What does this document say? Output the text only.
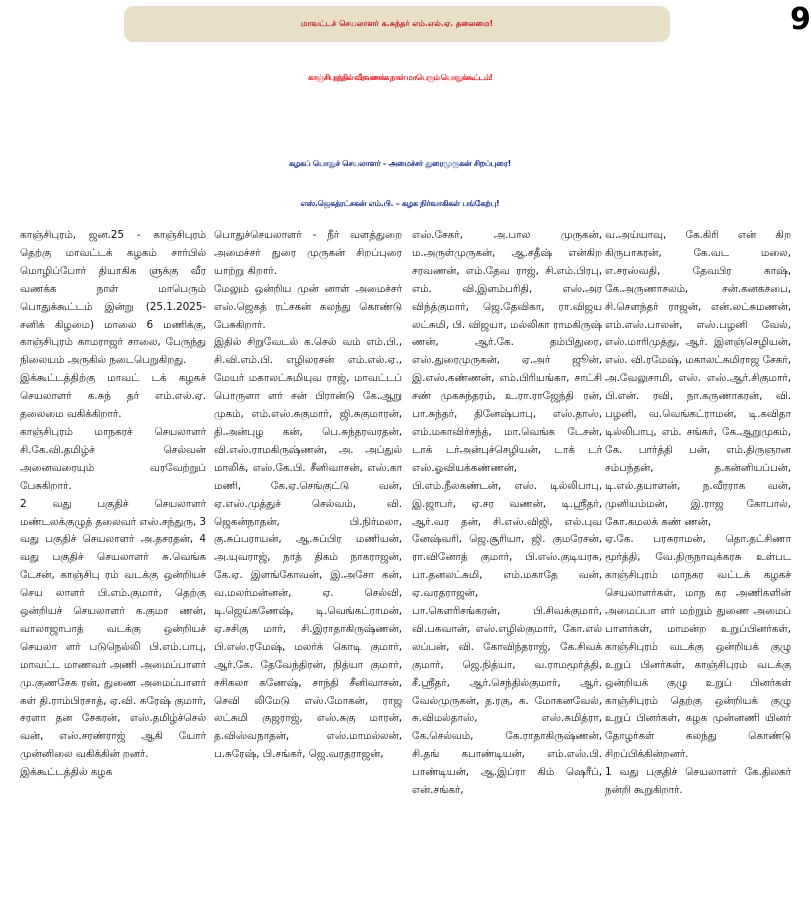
மாவட்டச் செயலாளர் க.சுந்தர் எம்.எல்.ஏ. தலைமை!	9
காஞ்சிபுரத்தில் வீரவணக்க நாள் மாபெரும் பொதுக்கூட்டம்!
கழகப் பொதுச் செயலாளர் - அமைச்சர் துரைமுருகன் சிறப்புரை!
எஸ்.ஜெகத்ரட்சகன் எம்.பி. – கழக நிர்வாகிகள் பங்கேற்பு!
காஞ்சிபுரம், ஜன.25 - காஞ்சிபுரம் தெற்கு மாவட்டக் கழகம் சார்பில் மொழிப்போர் தியாகிக ளுக்கு வீர வணக்க நாள் மாபெரும் பொதுக்கூட்டம் இன்று (25.1.2025-சனிக் கிழமை) மாலை 6 மணிக்கு, காஞ்சிபுரம் காமராஜர் சாலை, பேருந்து நிலையம் அருகில் நடைபெறுகிறது.
இக்கூட்டத்திற்கு மாவட் டக் கழகச் செயலாளர் க.சுந் தர் எம்.எல்.ஏ. தலைமை வகிக்கிறார்.
காஞ்சிபுரம் மாநகரச் செயலாளர் சி.கே.வி.தமிழ்ச் செல்வன் அனைவரையும் வரவேற்றுப் பேசுகிறார்.
2 வது பகுதிச் செயலாளர் மண்டலக்குழுத் தலைவர் எஸ்.சந்துரு, 3 வது பகுதிச் செயலாளர் அ.தசரதன், 4 வது பகுதிச் செயலாளர் சு.வெங்க டேசன், காஞ்சிபு ரம் வடக்கு ஒன்றியச் செய லாளர் பி.எம்.குமார், தெற்கு ஒன்றியச் செயலாளர் க.குமா ணன், வாலாஜாபாத் வடக்கு ஒன்றியச் செயலா ளர் படுநெல்லி பி.எம்.பாபு, மாவட்ட மாணவர் அணி அமைப்பாளர் மு.குணசேக ரன், துணை அமைப்பாளர் கள் தி.ராம்பிரசாத், ஏ.வி. சுரேஷ் குமார், சரளா தன சேகரன், எஸ்.தமிழ்ச்செல் வன், எஸ்.சரண்ராஜ் ஆகி யோர் முன்னிலை வகிக்கின் றனர்.
இக்கூட்டத்தில் கழக
பொதுச்செயலாளர் - நீர் வளத்துறை அமைச்சர் துரை முருகன் சிறப்புரை யாற்று கிறார்.
மேலும் ஒன்றிய முன் னாள் அமைச்சர் எஸ்.ஜெகத் ரட்சகன் கலந்து கொண்டு பேசுகிறார்.
இதில் சிறுவேடல் க.செல் வம் எம்.பி., சி.வி.எம்.பி. எழிலரசன் எம்.எல்.ஏ., மேயர் மகாலட்சுமியுவ ராஜ், மாவட்டப் பொருளா ளர் சன் பிரான்டு கே.ஆறு முகம், எம்.எஸ்.சுகுமார், ஜி.சுகுமாரன், தி.அன்புழ கன், பெ.சுந்தரவரதன், வி.எஸ்.ராமகிருஷ்ணன், அ. அப்துல் மாலிக், எஸ்.கே.பி. சீனிவாசன், எஸ்.கா மணி, கே.ஏ.செங்குட்டு வன், ஏ.எஸ்.முத்துச் செல்வம், வி. ஜெகன்நாதன், பி.நிர்மலா, கு.சுப்பராயன், ஆ.சுப்பிர மணியன், அ.யுவராஜ், நாத் திகம் நாகராஜன், கே.ஏ. இளங்கோவன், இ.அசோ கன், வ.மலர்மன்னன், ஏ. செல்வி, டி.ஜெய்கணேஷ், டி.வெங்கட்ராமன், ஏ.சசிகு மார், சி.இராதாகிருஷ்ணன், பி.எஸ்.ரமேஷ், மலர்க் கொடி குமார், ஆர்.கே. தேவேந்திரன், நித்யா குமார், சசிகலா கணேஷ், சாந்தி சீனிவாசன், செவி லிமேடு எஸ்.மோகன், ராஜ லட்சுமி குஜராஜ், எஸ்.சுகு மாரன், த.விஸ்வநாதன், எஸ்.மாமல்லன், ப.சுரேஷ், பி.சங்கர், ஜெ.வரதராஜன்,
எஸ்.சேகர், அ.பால முருகன், ம.அருள்முருகன், ஆ.சதீஷ் என்கிற சரவணன், எம்.தேவ ராஜ், சி.எம்.பிரபு, எம். வி.இளம்பரிதி, எஸ்.அர விந்த்குமார், ஜெ.தேவிகா, ரா.விஜய லட்சுமி, பி. விஜயா, மல்லிகா ராமகிருஷ் ணன், ஆர்.கே. தம்பிதுரை, எஸ்.துரைமுருகன், ஏ.அர் ஜூன், இ.எஸ்.கண்ணன், எம்.பிரியங்கா, சாட்சி சண் முகசுந்தரம், உ.ரா.ராஜேந்தி ரன், பா.சுந்தர், தினேஷ்பாபு, எஸ்.தாஸ், எம்.மகாவிர்சந்த், மா.வெங்க டேசன், டாக் டர்அன்புச்செழியன், டாக் டர் எஸ்.ஓவியக்கண்ணன், பி.எம்.நீலகண்டன், எஸ். டில்லிபாபு, இ.ஜாபர், ஏ.சர வணன், டி.ஸ்ரீதர், ஆர்.வர தன், சி.எஸ்.விஜி, எல்.புவ னேஷ்வரி, ஜெ.சூரியா, ஜி. குமரேசன், ரா.வினோத் குமார், பி.எஸ்.குடியரசு, பா.தனலட்சுமி, எம்.மகாதே வன், ஏ.வரதராஜன்,
பா.கௌரிசங்கரன், பி.சிவக்குமார், வி.பகவான், எஸ்.எழில்குமார், கோ.எல் லப்பன், வி. கோவிந்தராஜ், கே.சிவக் குமார், ஜெ.நித்யா, வ.ராமமூர்த்தி, சீ.ஸ்ரீதர், ஆர்.செந்தில்குமார், ஆர். வேல்முருகன், த.ரகு, க. மோகனவேல், சு.விமல்தாஸ், எஸ்.சுமித்ரா, கே.செல்வம், கே.ராதாகிருஷ்ணன், சி.தங் கபாண்டியன், எம்.எஸ்.பி. பாண்டியன், ஆ.இப்ரா கிம் ஷெரீப், என்.சங்கர்,
வ.அய்யாவு, கே.கிரி என் கிற கிருபாகரன், கே.வட மலை, எ.சரஸ்வதி, தேவபிர காஷ், கே.அருணாசலம், சன்.கனகசபை, சி.சௌந்தர் ராஜன், என்.லட்சுமணன், எம்.எஸ்.பாலன், எஸ்.பழனி வேல், எஸ்.மாரிமுத்து, ஆர். இளஞ்செழியன், எஸ். வி.ரமேஷ், மகாலட்சுமிராஜ சேகர், அ.வேலுசாமி, எஸ். எஸ்.ஆர்.சிகுமார், பி.என். ரவி, நா.கருணாகரன், வி. பழனி, வ.வெங்கட்ராமன், டி.கவிதா டில்லிபாபு, எம். சங்கர், கே.ஆறுமுகம், கே. பார்த்தி பன், எம்.திருஞான சம்பந்தன், த.கன்னியப்பன், டி.எல்.தயாளன், ந.வீரராக வன், முனியம்மன், இ.ராஜ கோபால், கோ.கமலக் கண் ணன்,
ஏ.கே. பரசுராமன், தொ.தட்சிணா மூர்த்தி, வே.திருநாவுக்கரசு உள்பட காஞ்சிபுரம் மாநகர வட்டக் கழகச் செயலாளர்கள், மாந கர அணிகளின் அமைப்பா ளர் மற்றும் துணை அமைப் பாளர்கள், மாமன்ற உறுப்பினர்கள், காஞ்சிபுரம் வடக்கு ஒன்றியக் குழு உறுப் பினர்கள், காஞ்சிபுரம் வடக்கு ஒன்றியக் குழு உறுப் பினர்கள் காஞ்சிபுரம் தெற்கு ஒன்றியக் குழு உறுப் பினர்கள், கழக முன்னணி யினர் தோழர்கள் கலந்து கொண்டு சிறப்பிக்கின்றனர்.
1 வது பகுதிச் செயலாளர் கே.திலகர் நன்றி கூறுகிறார்.
